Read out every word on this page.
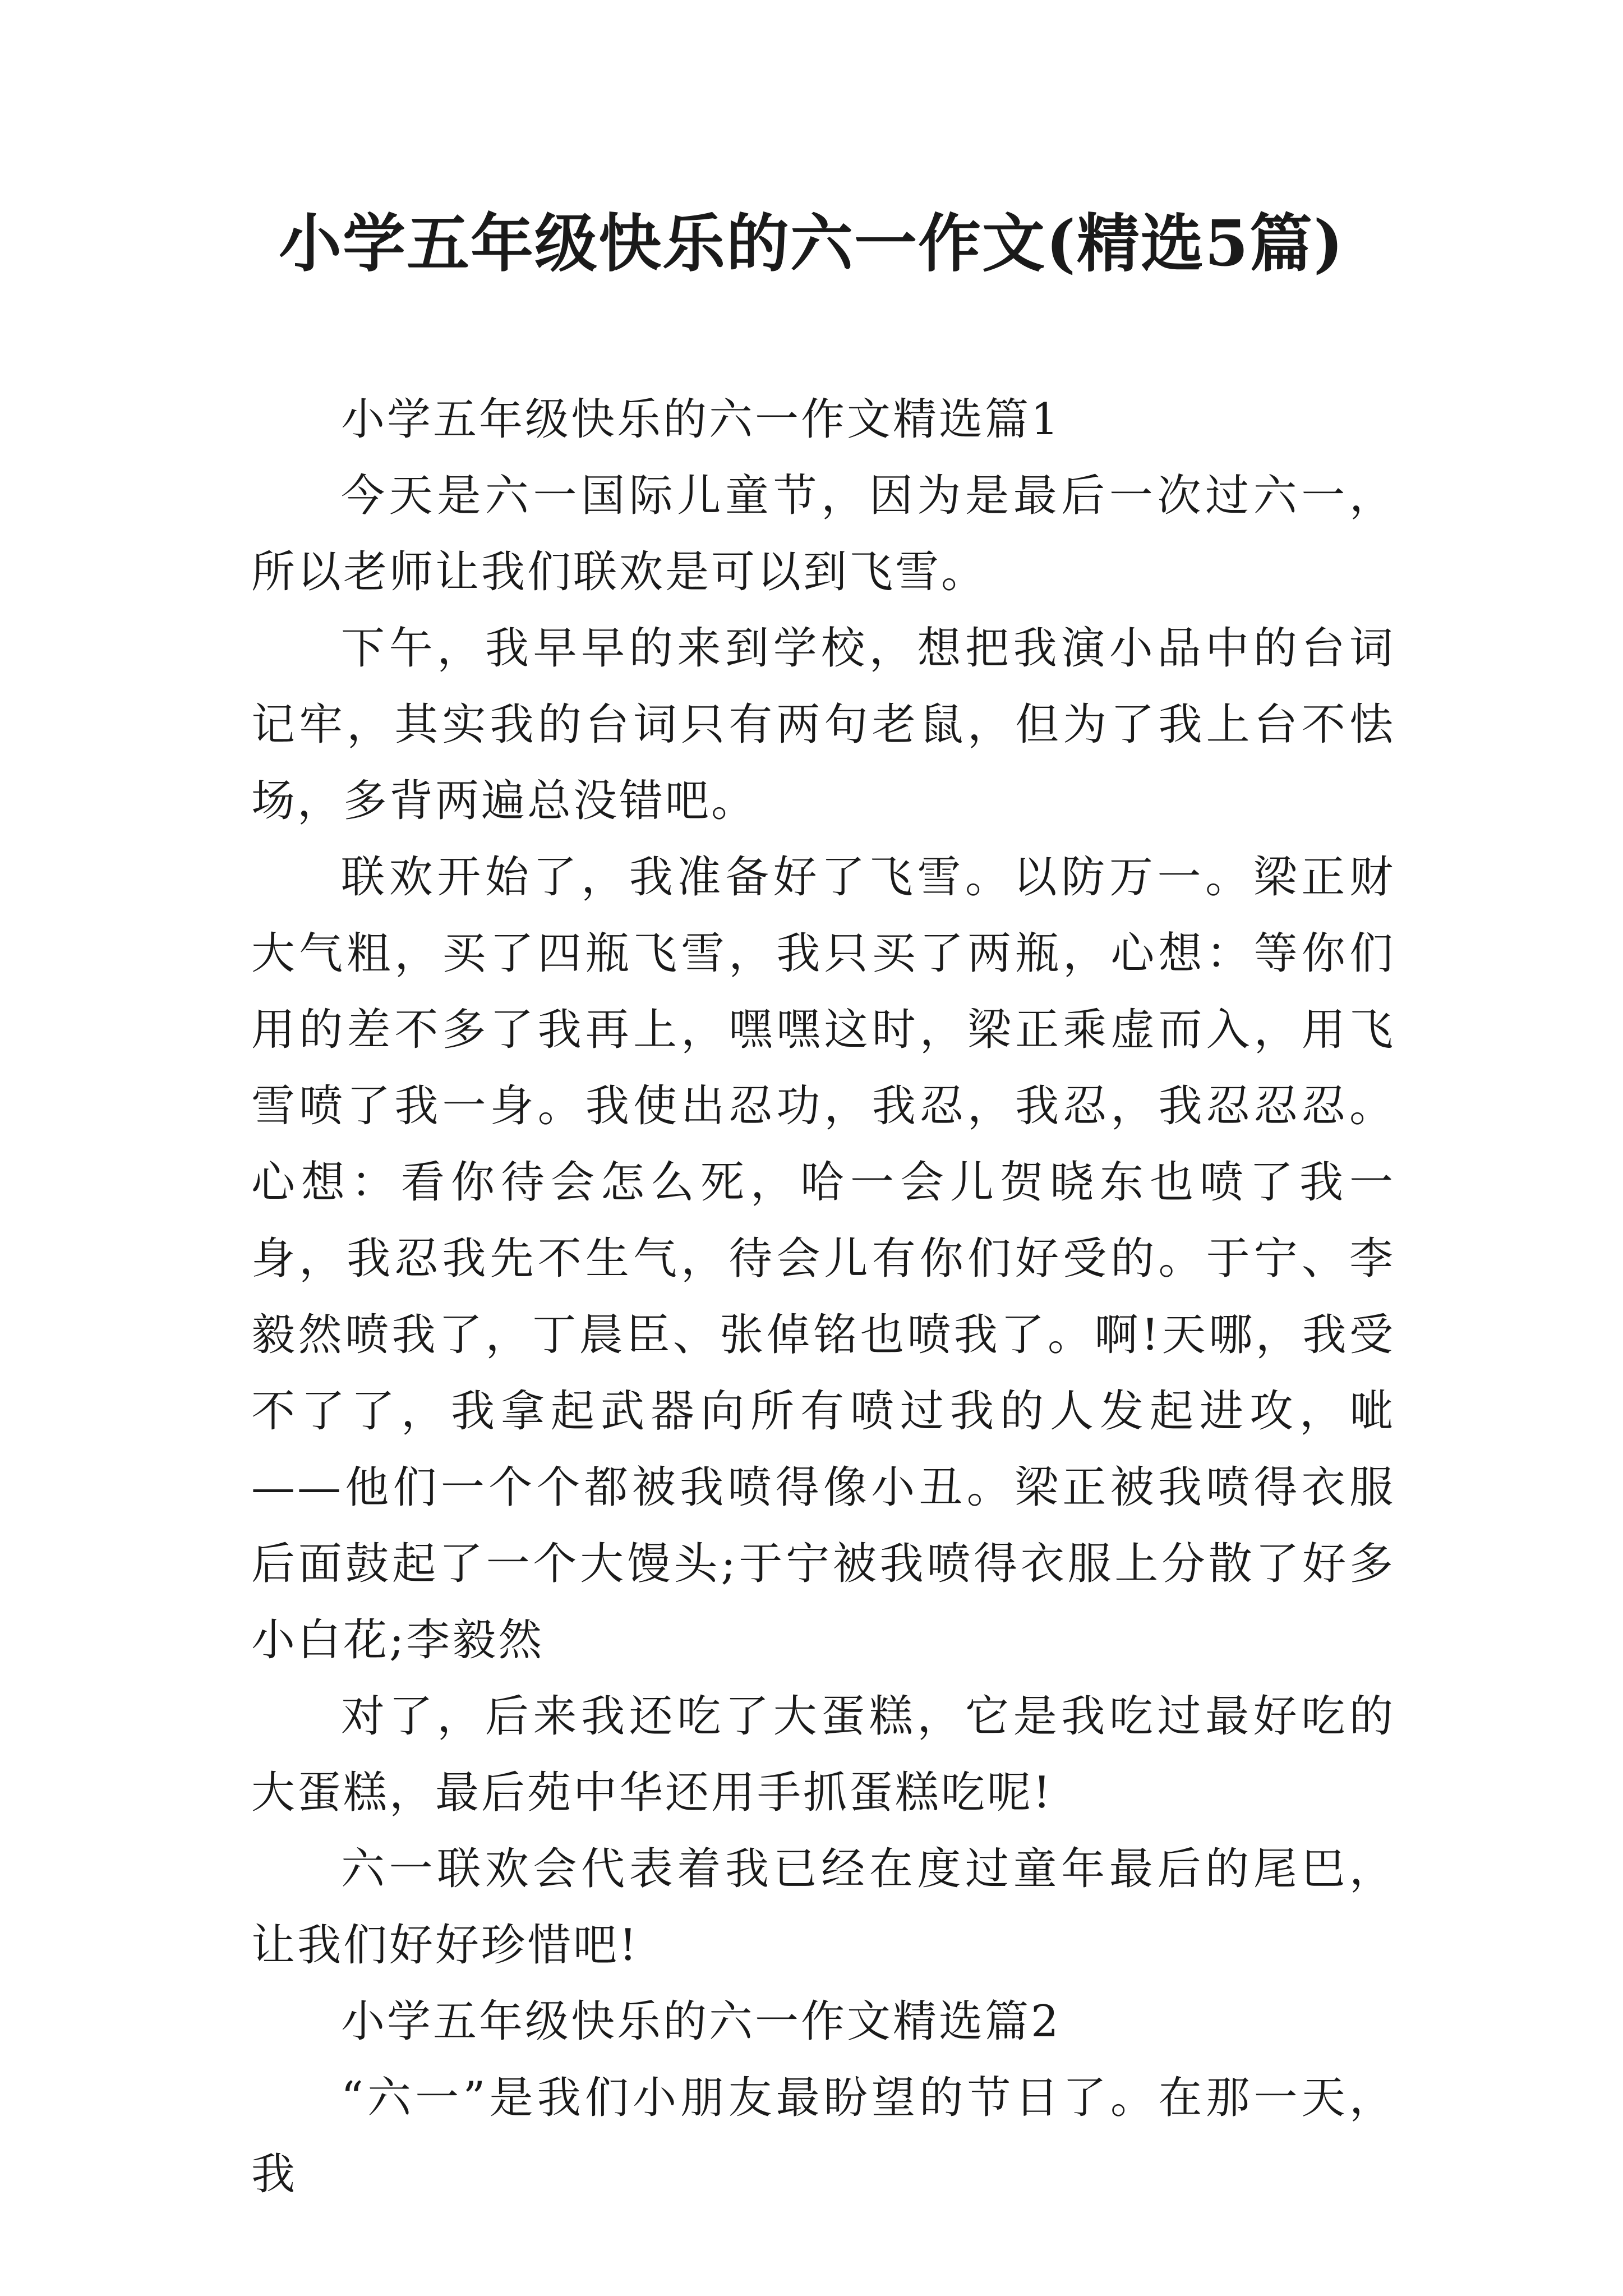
小学五年级快乐的六一作文(精选5篇)

小学五年级快乐的六一作文精选篇1

今天是六一国际儿童节，因为是最后一次过六一，所以老师让我们联欢是可以到飞雪。

下午，我早早的来到学校，想把我演小品中的台词记牢，其实我的台词只有两句老鼠，但为了我上台不怯场，多背两遍总没错吧。

联欢开始了，我准备好了飞雪。以防万一。梁正财大气粗，买了四瓶飞雪，我只买了两瓶，心想：等你们用的差不多了我再上，嘿嘿这时，梁正乘虚而入，用飞雪喷了我一身。我使出忍功，我忍，我忍，我忍忍忍。心想：看你待会怎么死，哈一会儿贺晓东也喷了我一身，我忍我先不生气，待会儿有你们好受的。于宁、李毅然喷我了，丁晨臣、张倬铭也喷我了。啊!天哪，我受不了了，我拿起武器向所有喷过我的人发起进攻，呲——他们一个个都被我喷得像小丑。梁正被我喷得衣服后面鼓起了一个大馒头;于宁被我喷得衣服上分散了好多小白花;李毅然

对了，后来我还吃了大蛋糕，它是我吃过最好吃的大蛋糕，最后苑中华还用手抓蛋糕吃呢!

六一联欢会代表着我已经在度过童年最后的尾巴，让我们好好珍惜吧!

小学五年级快乐的六一作文精选篇2

“六一”是我们小朋友最盼望的节日了。在那一天，我
